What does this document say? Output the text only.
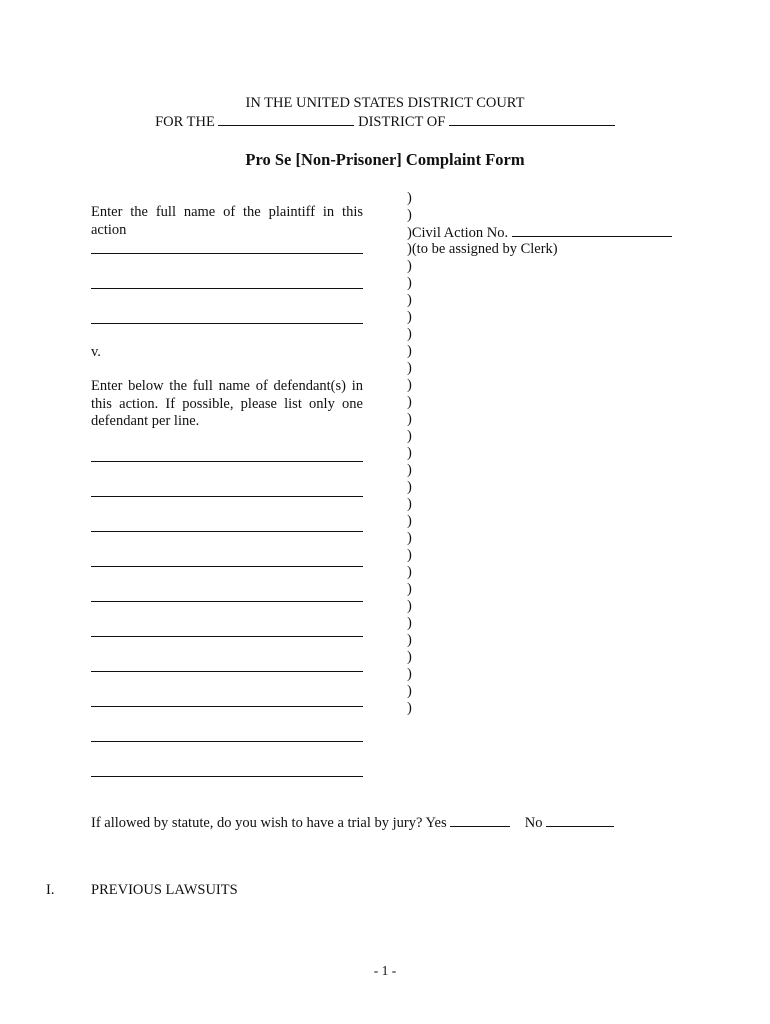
IN THE UNITED STATES DISTRICT COURT
FOR THE	DISTRICT OF
Pro Se [Non-Prisoner] Complaint Form
Enter the full name of the plaintiff in this
action
v.
Enter below the full name of defendant(s) in
this action. If possible, please list only one
defendant per line.
)
)
)Civil Action No.
)(to be assigned by Clerk)
)
)
)
)
)
)
)
)
)
)
)
)
)
)
)
)
)
)
)
)
)
)
)
)
)
)
)
If allowed by statute, do you wish to have a trial by jury? Yes	No
I.	PREVIOUS LAWSUITS
- 1 -
